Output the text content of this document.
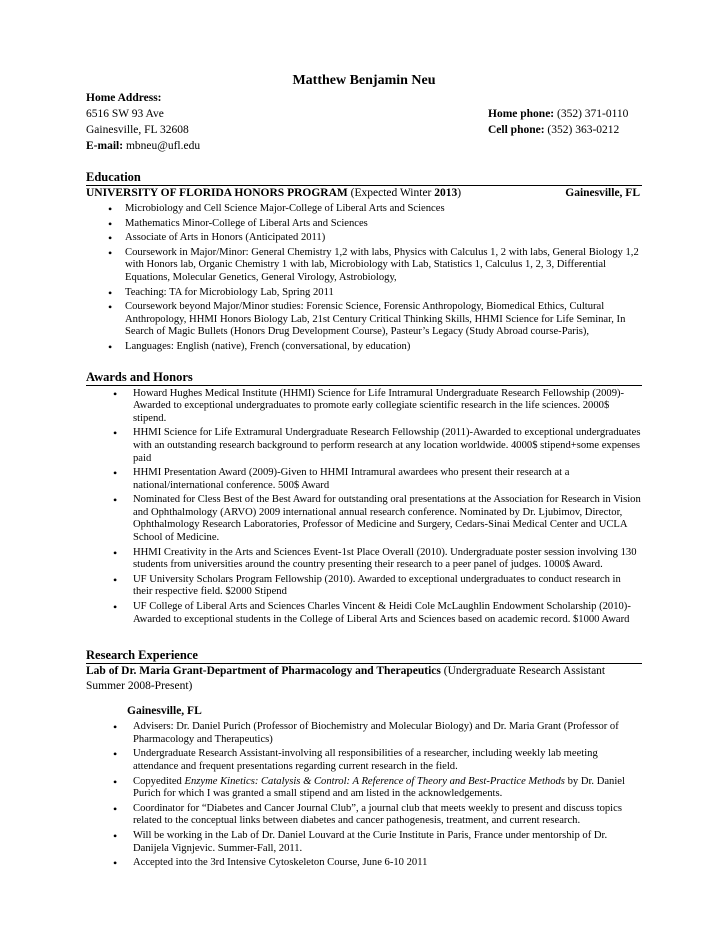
Matthew Benjamin Neu
Home Address:
6516 SW 93 Ave	Home phone: (352) 371-0110
Gainesville, FL 32608	Cell phone: (352) 363-0212
E-mail: mbneu@ufl.edu
Education
UNIVERSITY OF FLORIDA HONORS PROGRAM (Expected Winter 2013)	Gainesville, FL
• Microbiology and Cell Science Major-College of Liberal Arts and Sciences
• Mathematics Minor-College of Liberal Arts and Sciences
• Associate of Arts in Honors (Anticipated 2011)
• Coursework in Major/Minor: General Chemistry 1,2 with labs, Physics with Calculus 1, 2 with labs, General Biology 1,2 with Honors lab, Organic Chemistry 1 with lab, Microbiology with Lab, Statistics 1, Calculus 1, 2, 3, Differential Equations, Molecular Genetics, General Virology, Astrobiology,
• Teaching: TA for Microbiology Lab, Spring 2011
• Coursework beyond Major/Minor studies: Forensic Science, Forensic Anthropology, Biomedical Ethics, Cultural Anthropology, HHMI Honors Biology Lab, 21st Century Critical Thinking Skills, HHMI Science for Life Seminar, In Search of Magic Bullets (Honors Drug Development Course), Pasteur’s Legacy (Study Abroad course-Paris),
• Languages: English (native), French (conversational, by education)
Awards and Honors
• Howard Hughes Medical Institute (HHMI) Science for Life Intramural Undergraduate Research Fellowship (2009)-Awarded to exceptional undergraduates to promote early collegiate scientific research in the life sciences. 2000$ stipend.
• HHMI Science for Life Extramural Undergraduate Research Fellowship (2011)-Awarded to exceptional undergraduates with an outstanding research background to perform research at any location worldwide. 4000$ stipend+some expenses paid
• HHMI Presentation Award (2009)-Given to HHMI Intramural awardees who present their research at a national/international conference. 500$ Award
• Nominated for Cless Best of the Best Award for outstanding oral presentations at the Association for Research in Vision and Ophthalmology (ARVO) 2009 international annual research conference. Nominated by Dr. Ljubimov, Director, Ophthalmology Research Laboratories, Professor of Medicine and Surgery, Cedars-Sinai Medical Center and UCLA School of Medicine.
• HHMI Creativity in the Arts and Sciences Event-1st Place Overall (2010). Undergraduate poster session involving 130 students from universities around the country presenting their research to a peer panel of judges. 1000$ Award.
• UF University Scholars Program Fellowship (2010). Awarded to exceptional undergraduates to conduct research in their respective field. $2000 Stipend
• UF College of Liberal Arts and Sciences Charles Vincent & Heidi Cole McLaughlin Endowment Scholarship (2010)-Awarded to exceptional students in the College of Liberal Arts and Sciences based on academic record. $1000 Award
Research Experience
Lab of Dr. Maria Grant-Department of Pharmacology and Therapeutics (Undergraduate Research Assistant Summer 2008-Present)
Gainesville, FL
• Advisers: Dr. Daniel Purich (Professor of Biochemistry and Molecular Biology) and Dr. Maria Grant (Professor of Pharmacology and Therapeutics)
• Undergraduate Research Assistant-involving all responsibilities of a researcher, including weekly lab meeting attendance and frequent presentations regarding current research in the field.
• Copyedited Enzyme Kinetics: Catalysis & Control: A Reference of Theory and Best-Practice Methods by Dr. Daniel Purich for which I was granted a small stipend and am listed in the acknowledgements.
• Coordinator for “Diabetes and Cancer Journal Club”, a journal club that meets weekly to present and discuss topics related to the conceptual links between diabetes and cancer pathogenesis, treatment, and current research.
• Will be working in the Lab of Dr. Daniel Louvard at the Curie Institute in Paris, France under mentorship of Dr. Danijela Vignjevic. Summer-Fall, 2011.
• Accepted into the 3rd Intensive Cytoskeleton Course, June 6-10 2011
